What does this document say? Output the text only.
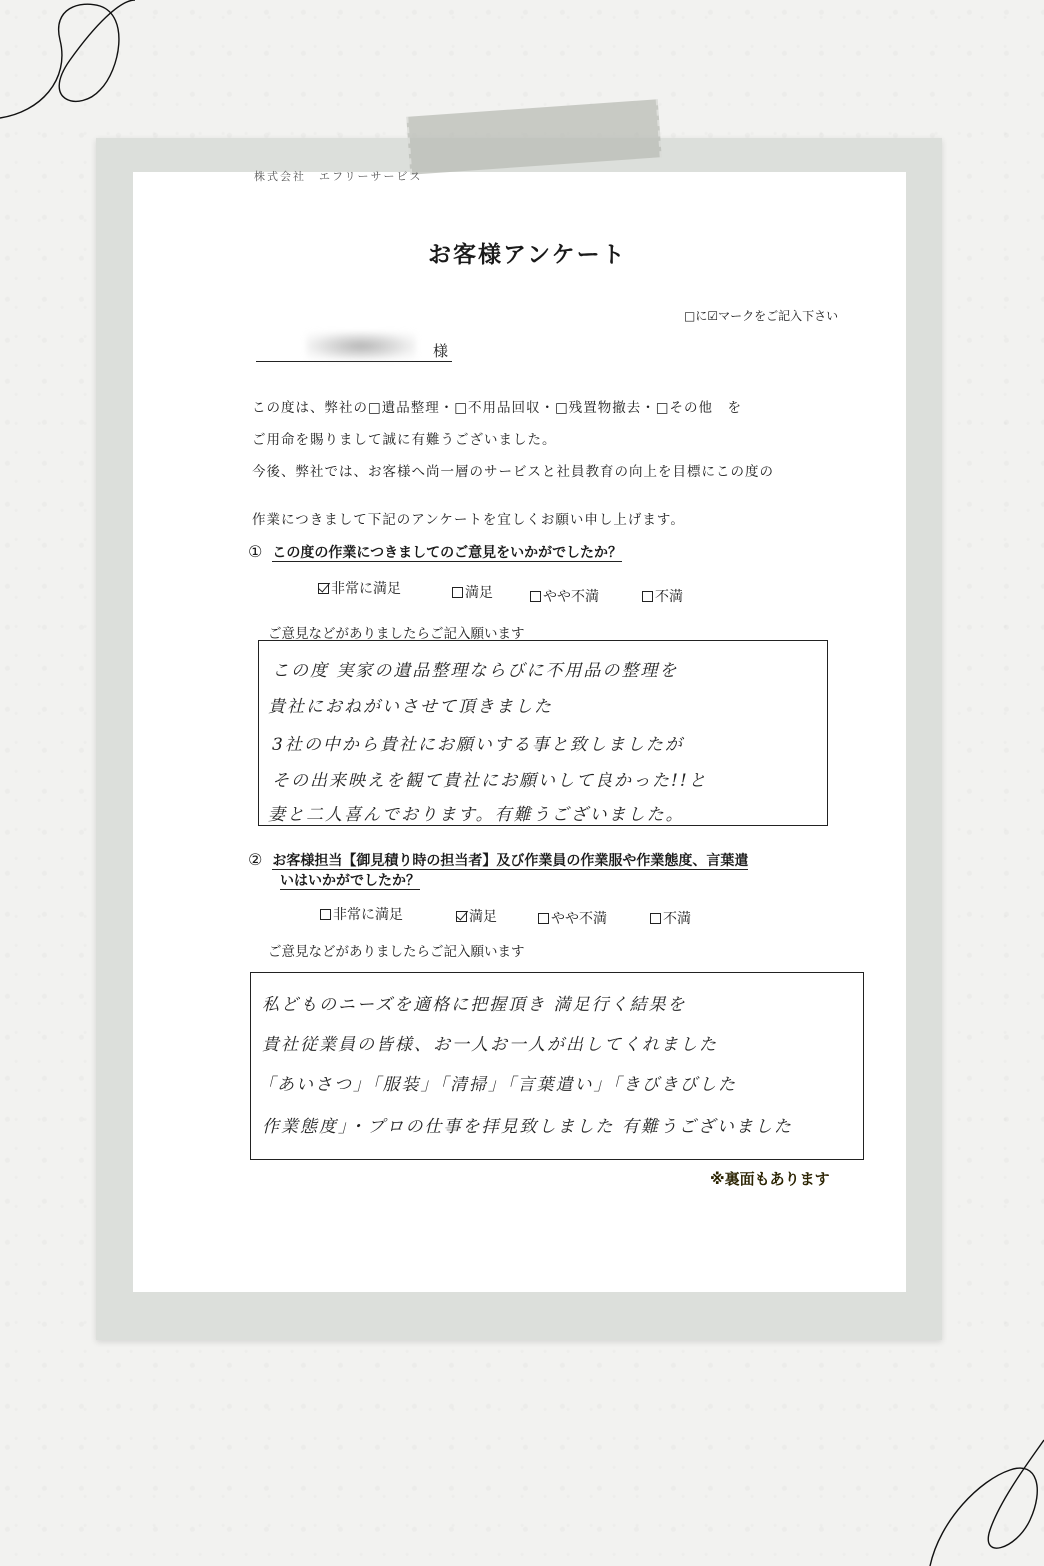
株式会社　エフリーサービス
お客様アンケート
□に☑マークをご記入下さい
様
この度は、弊社の□遺品整理・□不用品回収・□残置物撤去・□その他　を
ご用命を賜りまして誠に有難うございました。
今後、弊社では、お客様へ尚一層のサービスと社員教育の向上を目標にこの度の
作業につきまして下記のアンケートを宜しくお願い申し上げます。
① この度の作業につきましてのご意見をいかがでしたか？
非常に満足	満足	やや不満	不満
ご意見などがありましたらご記入願います
この度 実家の遺品整理ならびに不用品の整理を
貴社におねがいさせて頂きました
3社の中から貴社にお願いする事と致しましたが
その出来映えを観て貴社にお願いして良かった!!と
妻と二人喜んでおります。有難うございました。
② お客様担当【御見積り時の担当者】及び作業員の作業服や作業態度、言葉遣
いはいかがでしたか？
非常に満足	満足	やや不満	不満
ご意見などがありましたらご記入願います
私どものニーズを適格に把握頂き 満足行く結果を
貴社従業員の皆様、お一人お一人が出してくれました
「あいさつ」「服装」「清掃」「言葉遣い」「きびきびした
作業態度」・プロの仕事を拝見致しました 有難うございました
※裏面もあります
